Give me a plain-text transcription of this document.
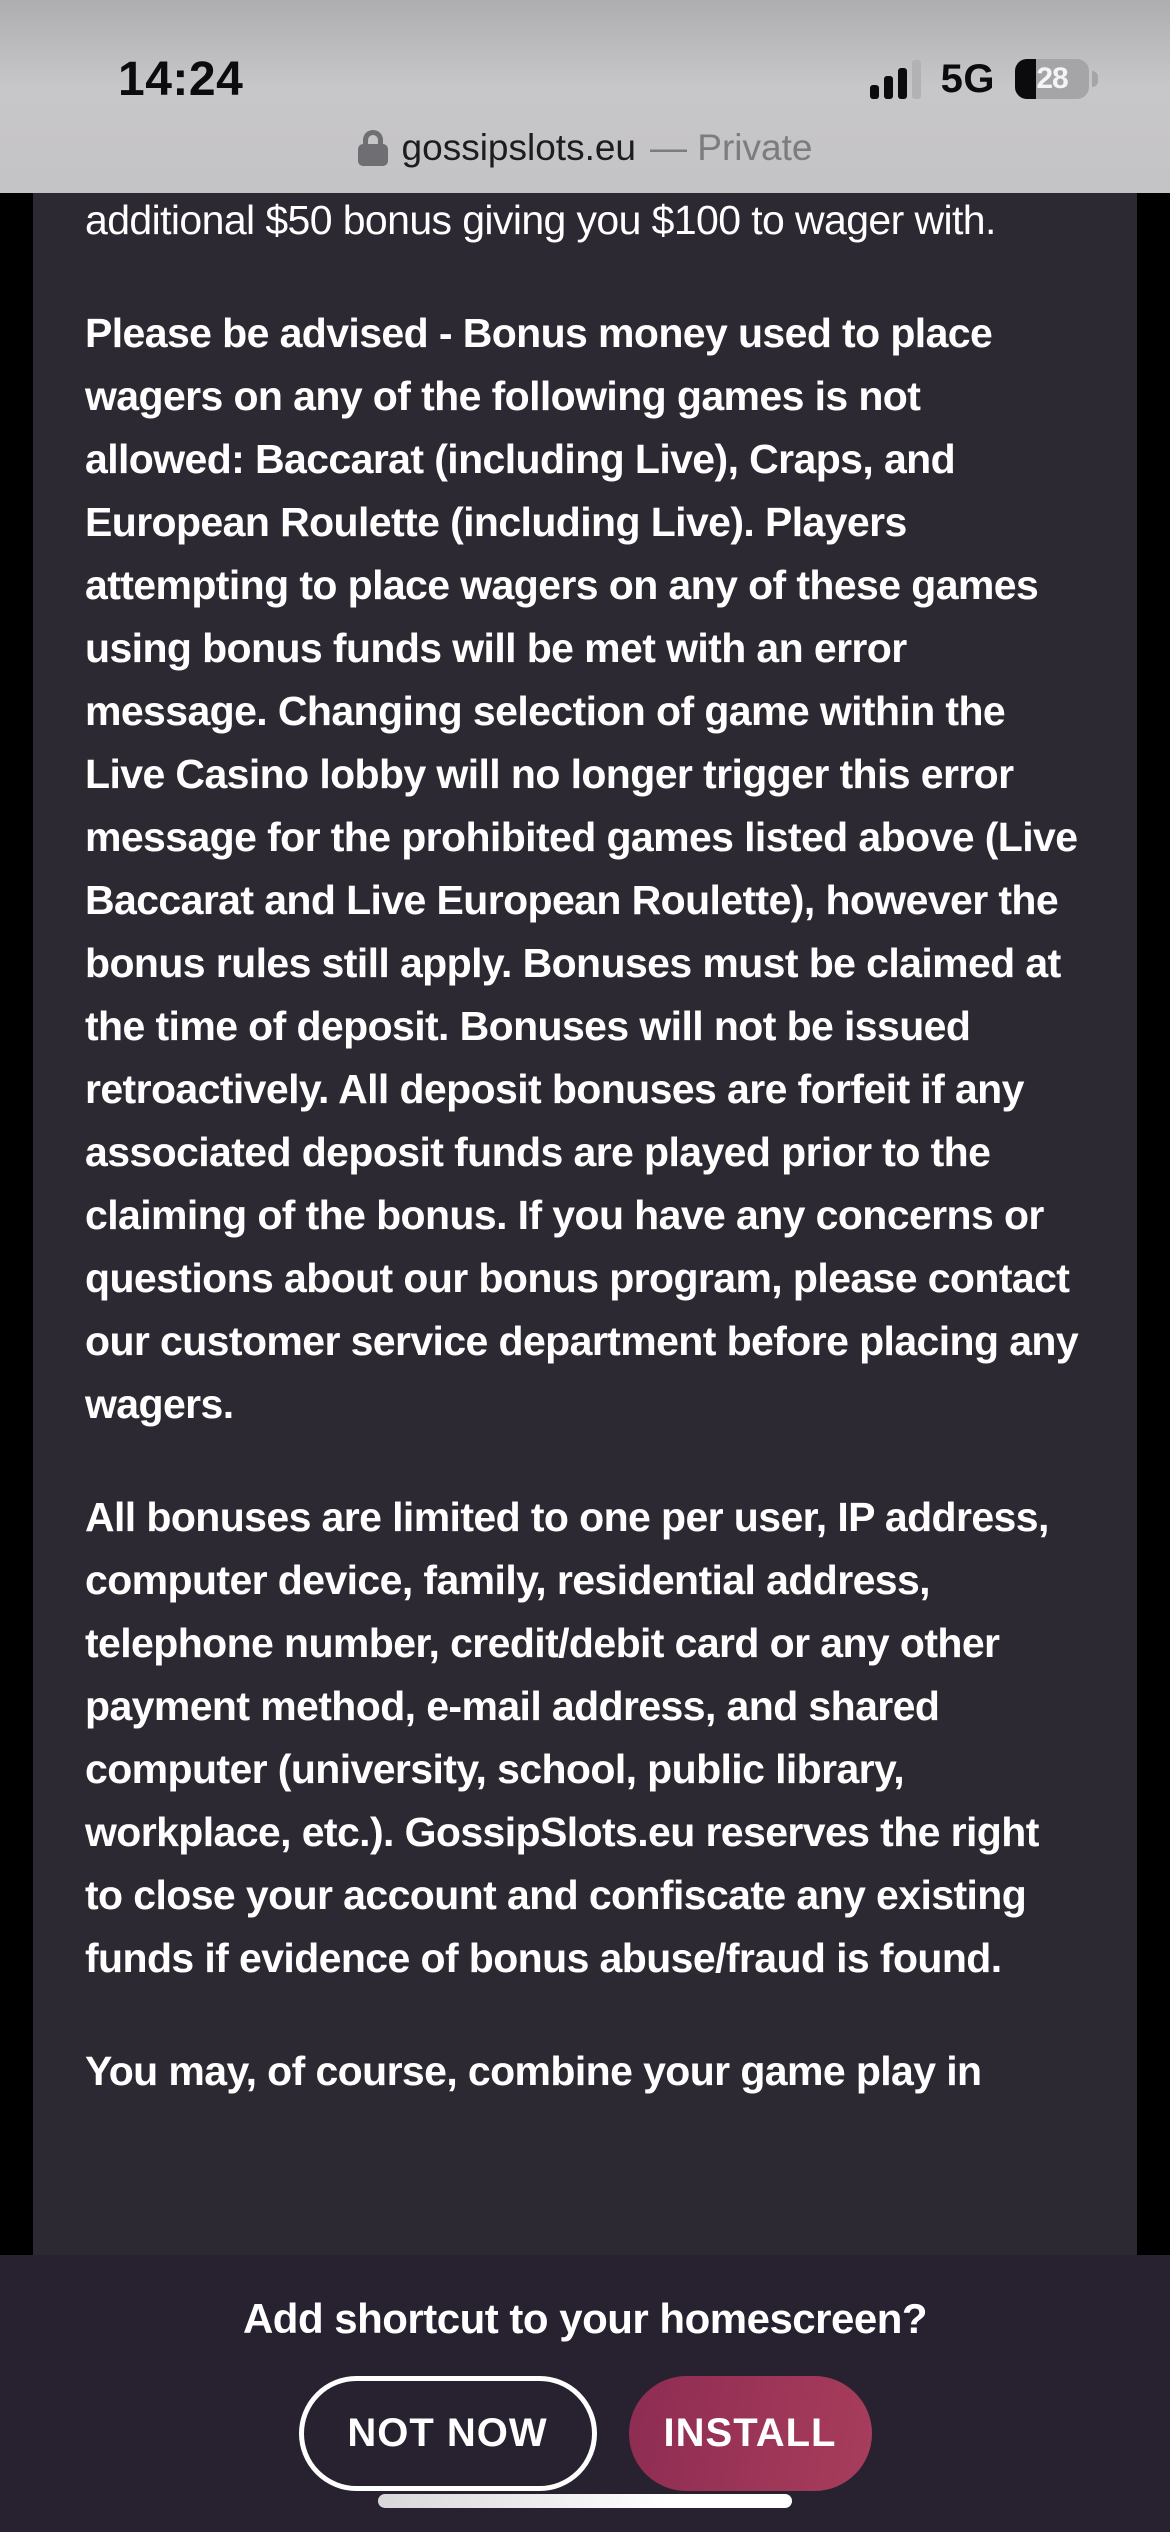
14:24	5G	28
gossipslots.eu — Private

additional $50 bonus giving you $100 to wager with.

Please be advised - Bonus money used to place wagers on any of the following games is not allowed: Baccarat (including Live), Craps, and European Roulette (including Live). Players attempting to place wagers on any of these games using bonus funds will be met with an error message. Changing selection of game within the Live Casino lobby will no longer trigger this error message for the prohibited games listed above (Live Baccarat and Live European Roulette), however the bonus rules still apply. Bonuses must be claimed at the time of deposit. Bonuses will not be issued retroactively. All deposit bonuses are forfeit if any associated deposit funds are played prior to the claiming of the bonus. If you have any concerns or questions about our bonus program, please contact our customer service department before placing any wagers.

All bonuses are limited to one per user, IP address, computer device, family, residential address, telephone number, credit/debit card or any other payment method, e-mail address, and shared computer (university, school, public library, workplace, etc.). GossipSlots.eu reserves the right to close your account and confiscate any existing funds if evidence of bonus abuse/fraud is found.

You may, of course, combine your game play in

Add shortcut to your homescreen?
NOT NOW	INSTALL
